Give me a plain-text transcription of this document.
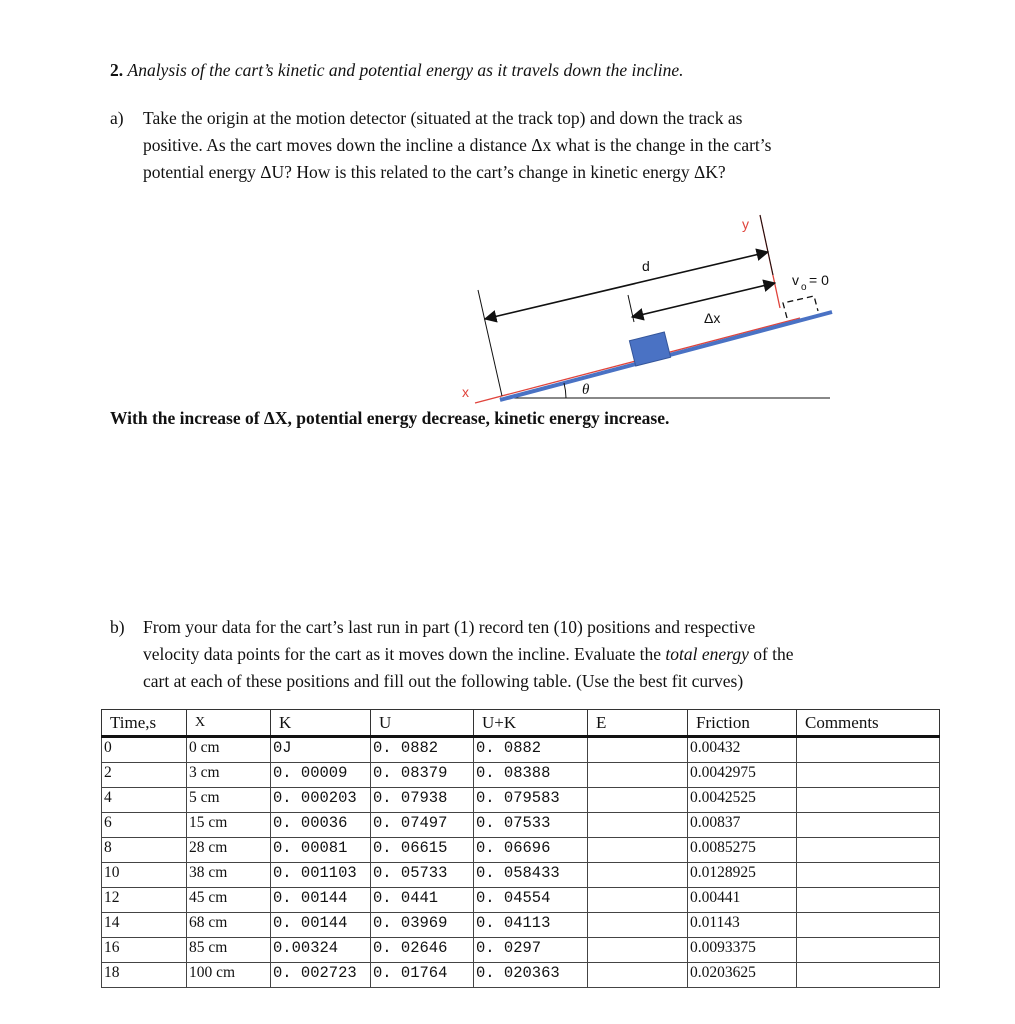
2. Analysis of the cart’s kinetic and potential energy as it travels down the incline.
a) Take the origin at the motion detector (situated at the track top) and down the track as
positive. As the cart moves down the incline a distance Δx what is the change in the cart’s
potential energy ΔU? How is this related to the cart’s change in kinetic energy ΔK?
y
d
Δx
x	θ
v o = 0
With the increase of ΔX, potential energy decrease, kinetic energy increase.
b) From your data for the cart’s last run in part (1) record ten (10) positions and respective
velocity data points for the cart as it moves down the incline. Evaluate the total energy of the
cart at each of these positions and fill out the following table. (Use the best fit curves)
Time,s	X	K	U	U+K	E	Friction	Comments
0	0 cm	0J	0. 0882	0. 0882		0.00432	
2	3 cm	0. 00009	0. 08379	0. 08388		0.0042975	
4	5 cm	0. 000203	0. 07938	0. 079583		0.0042525	
6	15 cm	0. 00036	0. 07497	0. 07533		0.00837	
8	28 cm	0. 00081	0. 06615	0. 06696		0.0085275	
10	38 cm	0. 001103	0. 05733	0. 058433		0.0128925	
12	45 cm	0. 00144	0. 0441	0. 04554		0.00441	
14	68 cm	0. 00144	0. 03969	0. 04113		0.01143	
16	85 cm	0.00324	0. 02646	0. 0297		0.0093375	
18	100 cm	0. 002723	0. 01764	0. 020363		0.0203625	
